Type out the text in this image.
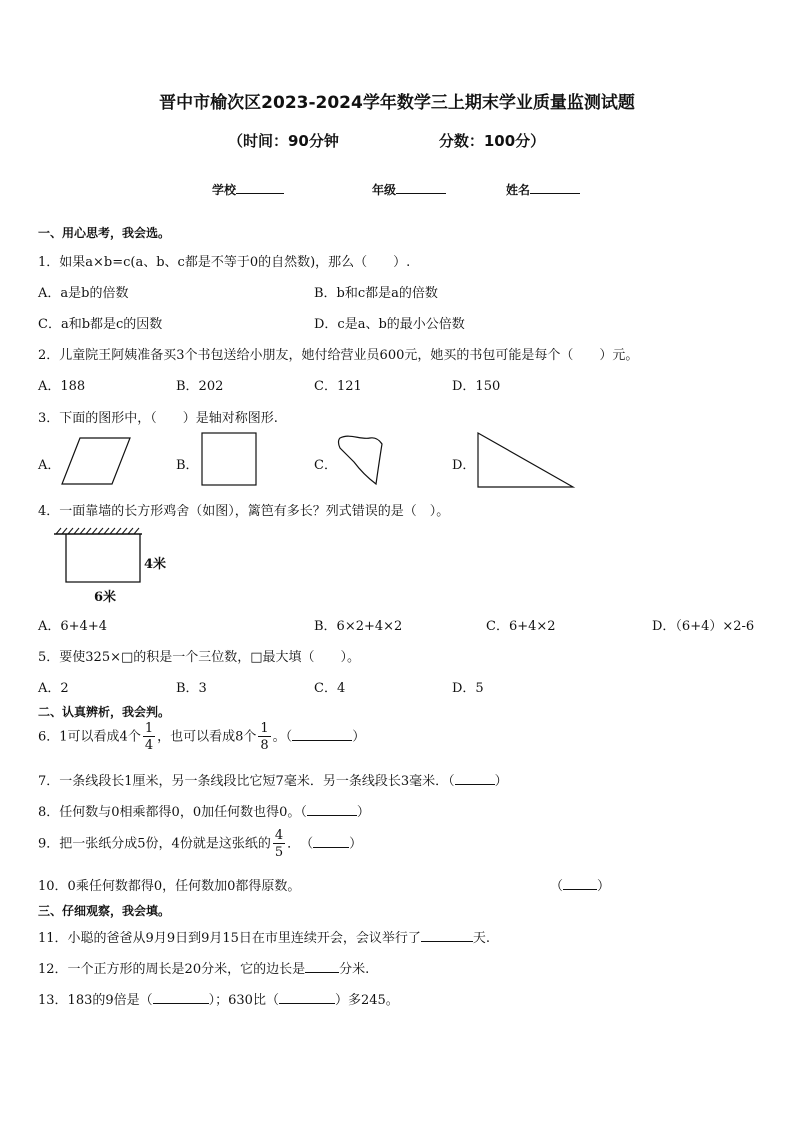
晋中市榆次区2023-2024学年数学三上期末学业质量监测试题
（时间：90分钟	分数：100分）
学校	年级	姓名
一、用心思考，我会选。
1．如果a×b=c(a、b、c都是不等于0的自然数)，那么（　　）.
A．a是b的倍数	B．b和c都是a的倍数
C．a和b都是c的因数	D．c是a、b的最小公倍数
2．儿童院王阿姨准备买3个书包送给小朋友，她付给营业员600元，她买的书包可能是每个（　　）元。
A．188	B．202	C．121	D．150
3．下面的图形中，（　　）是轴对称图形.
A．	B．	C．	D．
4．一面靠墙的长方形鸡舍（如图），篱笆有多长？列式错误的是（　）。
4米
6米
A．6+4+4	B．6×2+4×2	C．6+4×2	D．（6+4）×2-6
5．要使325×□的积是一个三位数，□最大填（　　）。
A．2	B．3	C．4	D．5
二、认真辨析，我会判。
6．1可以看成4个 $\frac{1}{4}$ ，也可以看成8个 $\frac{1}{8}$ 。（	）
7．一条线段长1厘米，另一条线段比它短7毫米．另一条线段长3毫米．（	）
8．任何数与0相乘都得0，0加任何数也得0。（	）
9．把一张纸分成5份，4份就是这张纸的 $\frac{4}{5}$ ．　（	）
10．0乘任何数都得0，任何数加0都得原数。	（	）
三、仔细观察，我会填。
11．小聪的爸爸从9月9日到9月15日在市里连续开会，会议举行了	天.
12．一个正方形的周长是20分米，它的边长是	分米.
13．183的9倍是（	）；630比（	）多245。
